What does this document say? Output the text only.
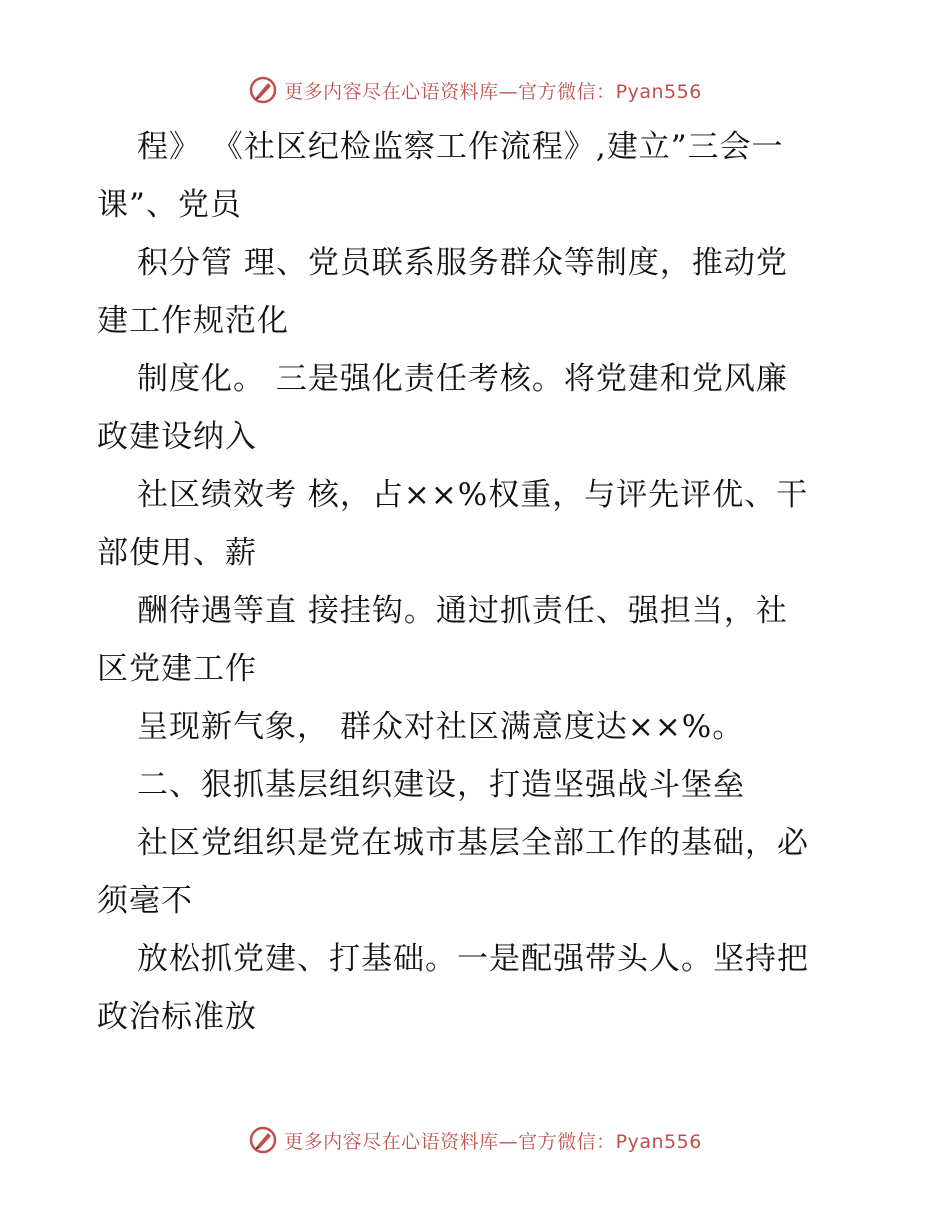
更多内容尽在心语资料库—官方微信：Pyan556
程》 《社区纪检监察工作流程》,建立”三会一
课”、党员
积分管 理、党员联系服务群众等制度，推动党
建工作规范化
制度化。 三是强化责任考核。将党建和党风廉
政建设纳入
社区绩效考 核，占××%权重，与评先评优、干
部使用、薪
酬待遇等直 接挂钩。通过抓责任、强担当，社
区党建工作
呈现新气象， 群众对社区满意度达××%。
二、狠抓基层组织建设，打造坚强战斗堡垒
社区党组织是党在城市基层全部工作的基础，必
须毫不
放松抓党建、打基础。一是配强带头人。坚持把
政治标准放
更多内容尽在心语资料库—官方微信：Pyan556
